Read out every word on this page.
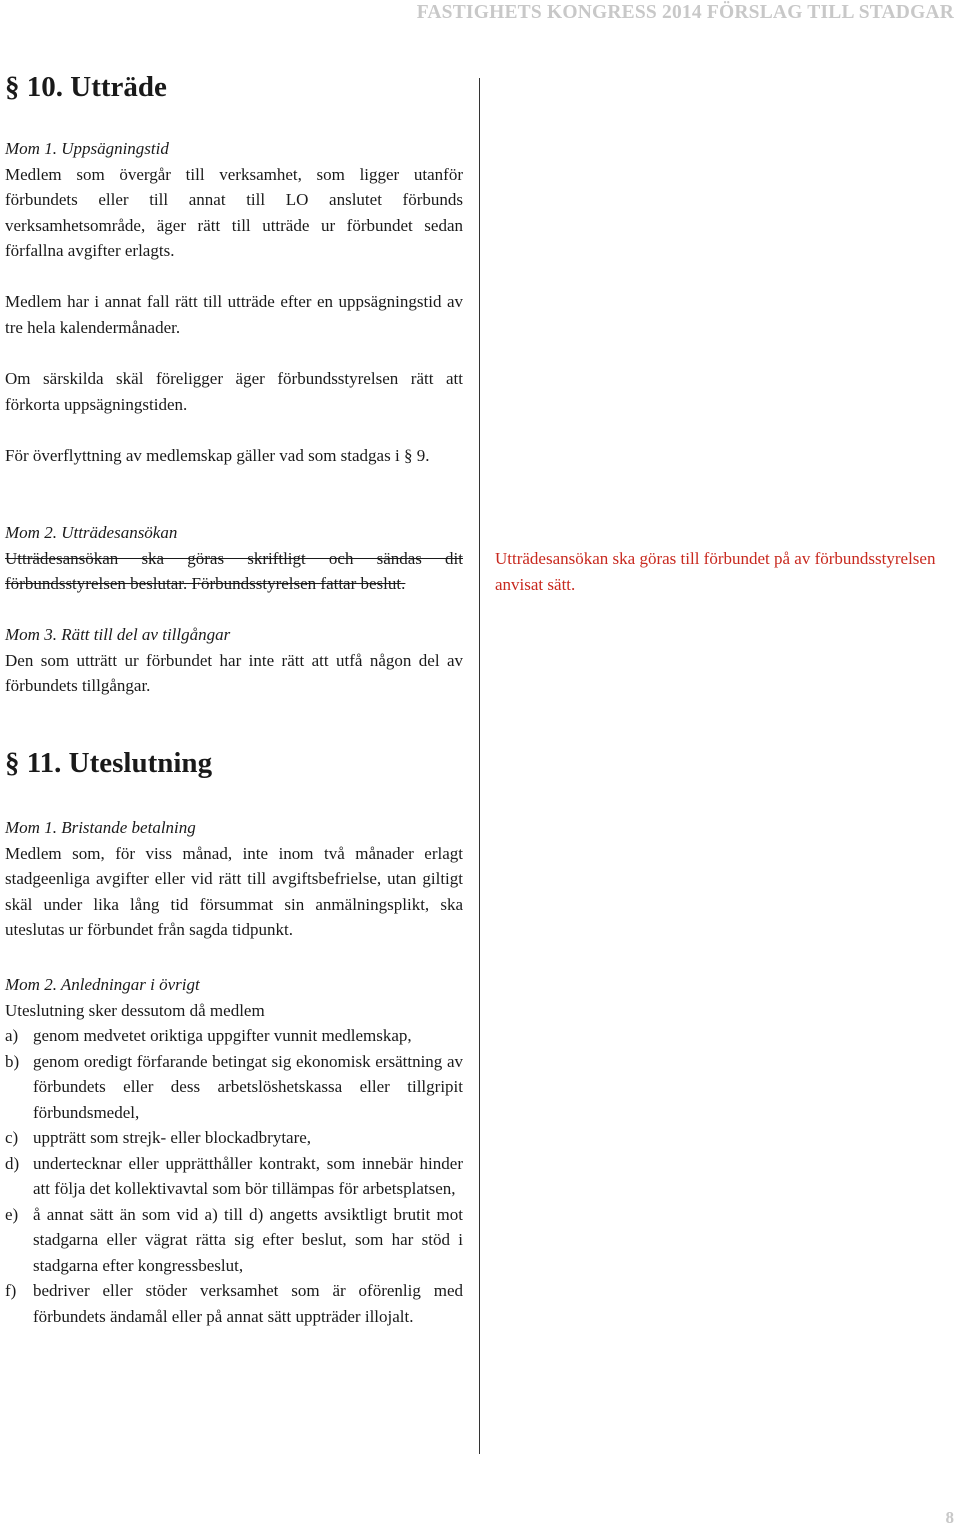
FASTIGHETS KONGRESS 2014 FÖRSLAG TILL STADGAR
§ 10. Utträde

Mom 1. Uppsägningstid

Medlem som övergår till verksamhet, som ligger utanför förbundets eller till annat till LO anslutet förbunds verksamhetsområde, äger rätt till utträde ur förbundet sedan förfallna avgifter erlagts.

Medlem har i annat fall rätt till utträde efter en uppsägningstid av tre hela kalendermånader.

Om särskilda skäl föreligger äger förbundsstyrelsen rätt att förkorta uppsägningstiden.

För överflyttning av medlemskap gäller vad som stadgas i § 9.

Mom 2. Utträdesansökan

Utträdesansökan ska göras skriftligt och sändas dit förbundsstyrelsen beslutar. Förbundsstyrelsen fattar beslut.

Mom 3. Rätt till del av tillgångar

Den som utträtt ur förbundet har inte rätt att utfå någon del av förbundets tillgångar.

§ 11. Uteslutning

Mom 1. Bristande betalning

Medlem som, för viss månad, inte inom två månader erlagt stadgeenliga avgifter eller vid rätt till avgiftsbefrielse, utan giltigt skäl under lika lång tid försummat sin anmälningsplikt, ska uteslutas ur förbundet från sagda tidpunkt.

Mom 2. Anledningar i övrigt

Uteslutning sker dessutom då medlem

a) genom medvetet oriktiga uppgifter vunnit medlemskap,
b) genom oredigt förfarande betingat sig ekonomisk ersättning av förbundets eller dess arbetslöshetskassa eller tillgripit förbundsmedel,
c) uppträtt som strejk- eller blockadbrytare,
d) undertecknar eller upprätthåller kontrakt, som innebär hinder att följa det kollektivavtal som bör tillämpas för arbetsplatsen,
e) å annat sätt än som vid a) till d) angetts avsiktligt brutit mot stadgarna eller vägrat rätta sig efter beslut, som har stöd i stadgarna efter kongressbeslut,
f) bedriver eller stöder verksamhet som är oförenlig med förbundets ändamål eller på annat sätt uppträder illojalt.

Utträdesansökan ska göras till förbundet på av förbundsstyrelsen anvisat sätt.

8
